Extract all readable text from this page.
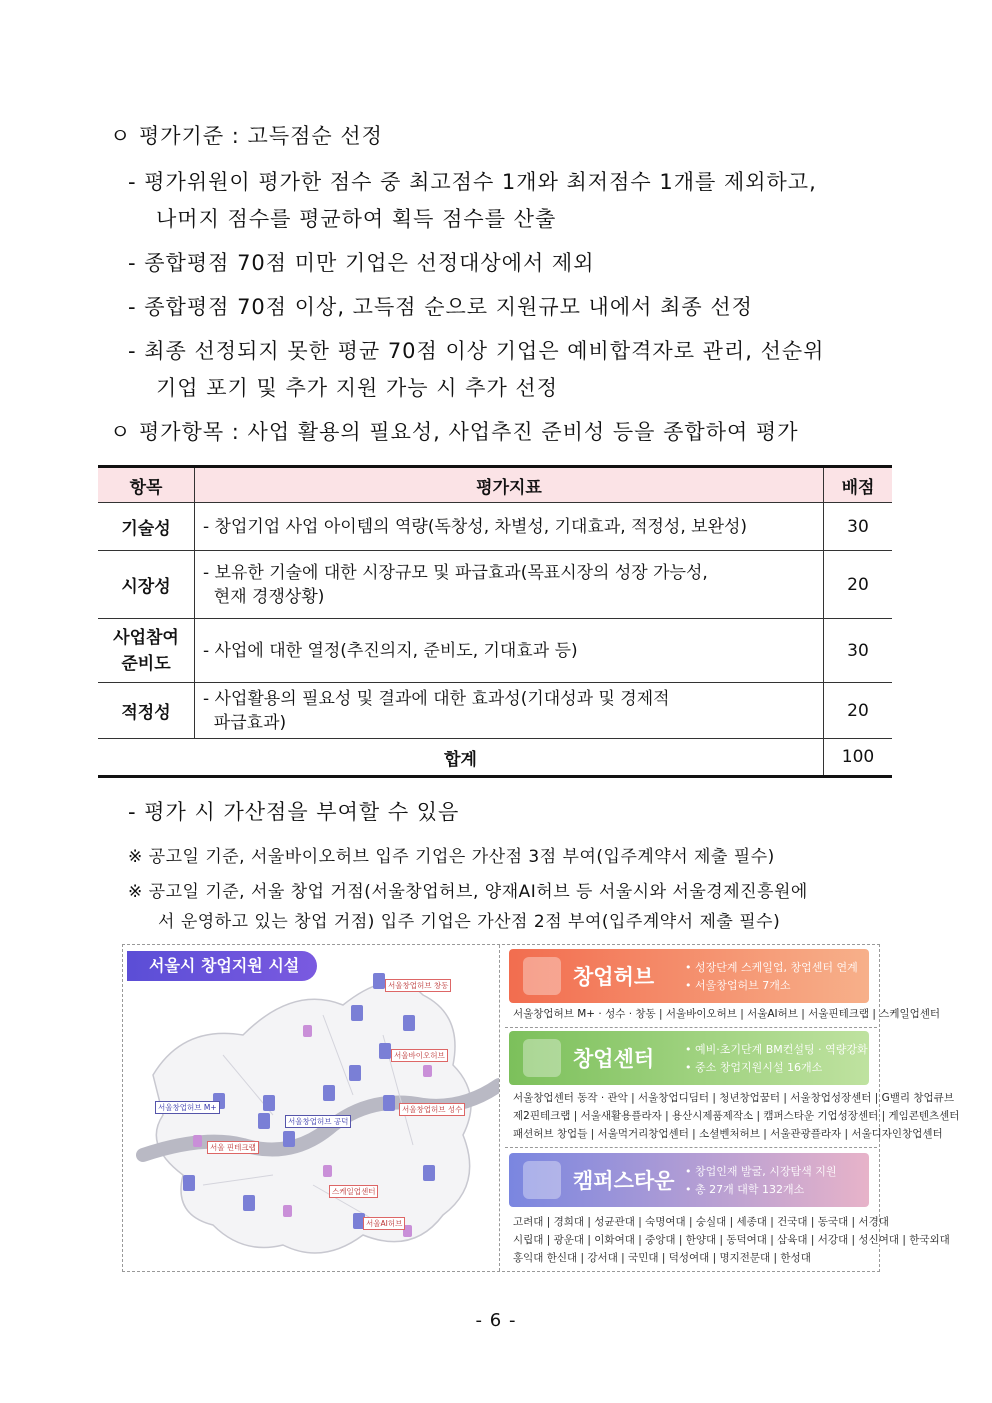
ㅇ 평가기준 : 고득점순 선정
- 평가위원이 평가한 점수 중 최고점수 1개와 최저점수 1개를 제외하고,
나머지 점수를 평균하여 획득 점수를 산출
- 종합평점 70점 미만 기업은 선정대상에서 제외
- 종합평점 70점 이상, 고득점 순으로 지원규모 내에서 최종 선정
- 최종 선정되지 못한 평균 70점 이상 기업은 예비합격자로 관리, 선순위
기업 포기 및 추가 지원 가능 시 추가 선정
ㅇ 평가항목 : 사업 활용의 필요성, 사업추진 준비성 등을 종합하여 평가
항목	평가지표	배점
기술성	- 창업기업 사업 아이템의 역량(독창성, 차별성, 기대효과, 적정성, 보완성)	30
시장성	- 보유한 기술에 대한 시장규모 및 파급효과(목표시장의 성장 가능성,
현재 경쟁상황)	20
사업참여
준비도	- 사업에 대한 열정(추진의지, 준비도, 기대효과 등)	30
적정성	- 사업활용의 필요성 및 결과에 대한 효과성(기대성과 및 경제적
파급효과)	20
합계		100
- 평가 시 가산점을 부여할 수 있음
※ 공고일 기준, 서울바이오허브 입주 기업은 가산점 3점 부여(입주계약서 제출 필수)
※ 공고일 기준, 서울 창업 거점(서울창업허브, 양재AI허브 등 서울시와 서울경제진흥원에
서 운영하고 있는 창업 거점) 입주 기업은 가산점 2점 부여(입주계약서 제출 필수)
서울시 창업지원 시설
서울창업허브 창동
서울바이오허브
서울창업허브 M+
서울창업허브 공덕
서울창업허브 성수
서울 핀테크랩
스케일업센터
서울AI허브
창업허브	• 성장단계 스케일업, 창업센터 연계
• 서울창업허브 7개소
서울창업허브 M+ · 성수 · 창동 | 서울바이오허브 | 서울AI허브 | 서울핀테크랩 | 스케일업센터
창업센터	• 예비·초기단계 BM컨설팅 · 역량강화
• 중소 창업지원시설 16개소
서울창업센터 동작 · 관악 | 서울창업디딤터 | 청년창업꿈터 | 서울창업성장센터 | G밸리 창업큐브
제2핀테크랩 | 서울새활용플라자 | 용산시제품제작소 | 캠퍼스타운 기업성장센터 | 게임콘텐츠센터
패션허브 창업들 | 서울먹거리창업센터 | 소셜벤처허브 | 서울관광플라자 | 서울디자인창업센터
캠퍼스타운 • 창업인재 발굴, 시장탐색 지원
• 총 27개 대학 132개소
고려대 | 경희대 | 성균관대 | 숙명여대 | 숭실대 | 세종대 | 건국대 | 동국대 | 서경대
시립대 | 광운대 | 이화여대 | 중앙대 | 한양대 | 동덕여대 | 삼육대 | 서강대 | 성신여대 | 한국외대
홍익대 한신대 | 강서대 | 국민대 | 덕성여대 | 명지전문대 | 한성대
- 6 -
